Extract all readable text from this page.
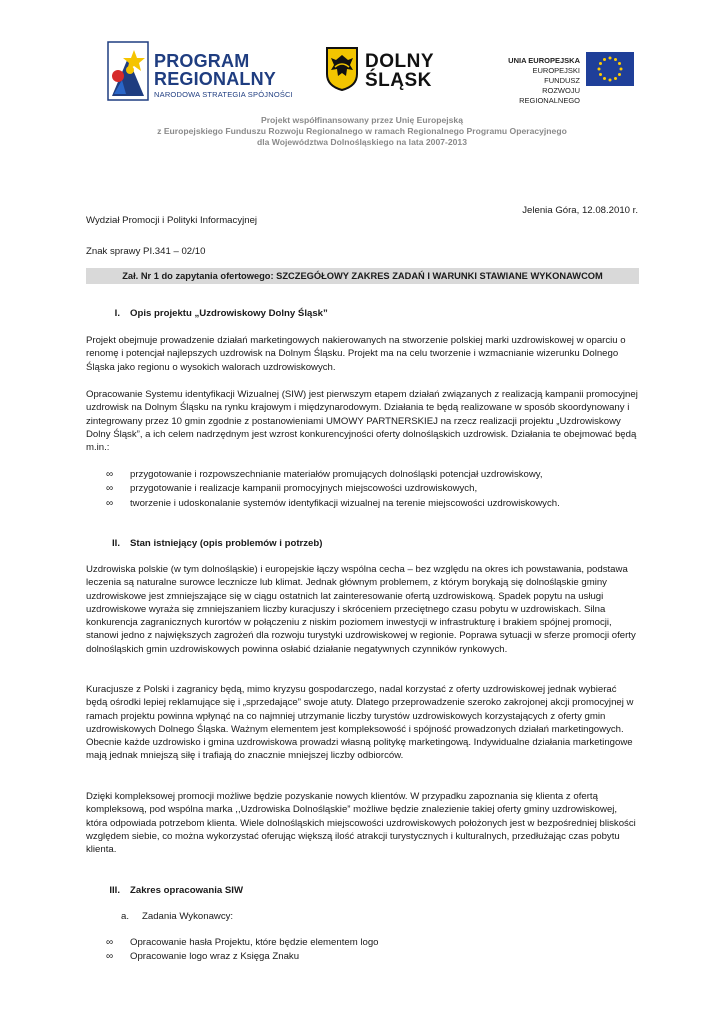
PROGRAM
REGIONALNY
NARODOWA STRATEGIA SPÓJNOŚCI
DOLNY
ŚLĄSK
UNIA EUROPEJSKA
EUROPEJSKI FUNDUSZ
ROZWOJU REGIONALNEGO
Projekt współfinansowany przez Unię Europejską
z Europejskiego Funduszu Rozwoju Regionalnego w ramach Regionalnego Programu Operacyjnego
dla Województwa Dolnośląskiego na lata 2007-2013
Jelenia Góra, 12.08.2010 r.
Wydział Promocji i Polityki Informacyjnej
Znak sprawy PI.341 – 02/10
Zał. Nr 1 do zapytania ofertowego: SZCZEGÓŁOWY ZAKRES ZADAŃ I WARUNKI STAWIANE WYKONAWCOM
I. Opis projektu „Uzdrowiskowy Dolny Śląsk”
Projekt obejmuje prowadzenie działań marketingowych nakierowanych na stworzenie polskiej marki uzdrowiskowej w oparciu o renomę i potencjał najlepszych uzdrowisk na Dolnym Śląsku. Projekt ma na celu tworzenie i wzmacnianie wizerunku Dolnego Śląska jako regionu o wysokich walorach uzdrowiskowych.
Opracowanie Systemu identyfikacji Wizualnej (SIW) jest pierwszym etapem działań związanych z realizacją kampanii promocyjnej uzdrowisk na Dolnym Śląsku na rynku krajowym i międzynarodowym. Działania te będą realizowane w sposób skoordynowany i zintegrowany przez 10 gmin zgodnie z postanowieniami UMOWY PARTNERSKIEJ na rzecz realizacji projektu „Uzdrowiskowy Dolny Śląsk”, a ich celem nadrzędnym jest wzrost konkurencyjności oferty dolnośląskich uzdrowisk. Działania te obejmować będą m.in.:
∞ przygotowanie i rozpowszechnianie materiałów promujących dolnośląski potencjał uzdrowiskowy,
∞ przygotowanie i realizacje kampanii promocyjnych miejscowości uzdrowiskowych,
∞ tworzenie i udoskonalanie systemów identyfikacji wizualnej na terenie miejscowości uzdrowiskowych.
II. Stan istniejący (opis problemów i potrzeb)
Uzdrowiska polskie (w tym dolnośląskie) i europejskie łączy wspólna cecha – bez względu na okres ich powstawania, podstawa leczenia są naturalne surowce lecznicze lub klimat. Jednak głównym problemem, z którym borykają się dolnośląskie gminy uzdrowiskowe jest zmniejszające się w ciągu ostatnich lat zainteresowanie ofertą uzdrowiskową. Spadek popytu na usługi uzdrowiskowe wyraża się zmniejszaniem liczby kuracjuszy i skróceniem przeciętnego czasu pobytu w uzdrowiskach. Silna konkurencja zagranicznych kurortów w połączeniu z niskim poziomem inwestycji w infrastrukturę i brakiem spójnej promocji, stanowi jedno z największych zagrożeń dla rozwoju turystyki uzdrowiskowej w regionie. Poprawa sytuacji w sferze promocji oferty dolnośląskich gmin uzdrowiskowych powinna osłabić działanie negatywnych czynników rynkowych.
Kuracjusze z Polski i zagranicy będą, mimo kryzysu gospodarczego, nadal korzystać z oferty uzdrowiskowej jednak wybierać będą ośrodki lepiej reklamujące się i „sprzedające” swoje atuty. Dlatego przeprowadzenie szeroko zakrojonej akcji promocyjnej w ramach projektu powinna wpłynąć na co najmniej utrzymanie liczby turystów uzdrowiskowych korzystających z oferty gmin uzdrowiskowych Dolnego Śląska. Ważnym elementem jest kompleksowość i spójność prowadzonych działań marketingowych. Obecnie każde uzdrowisko i gmina uzdrowiskowa prowadzi własną politykę marketingową. Indywidualne działania marketingowe mają jednak mniejszą siłę i trafiają do znacznie mniejszej liczby odbiorców.
Dzięki kompleksowej promocji możliwe będzie pozyskanie nowych klientów. W przypadku zapoznania się klienta z ofertą kompleksową, pod wspólna marka ,,Uzdrowiska Dolnośląskie” możliwe będzie znalezienie takiej oferty gminy uzdrowiskowej, która odpowiada potrzebom klienta. Wiele dolnośląskich miejscowości uzdrowiskowych położonych jest w bezpośredniej bliskości względem siebie, co można wykorzystać oferując większą ilość atrakcji turystycznych i kulturalnych, przedłużając czas pobytu klienta.
III. Zakres opracowania SIW
a. Zadania Wykonawcy:
∞ Opracowanie hasła Projektu, które będzie elementem logo
∞ Opracowanie logo wraz z Księga Znaku
